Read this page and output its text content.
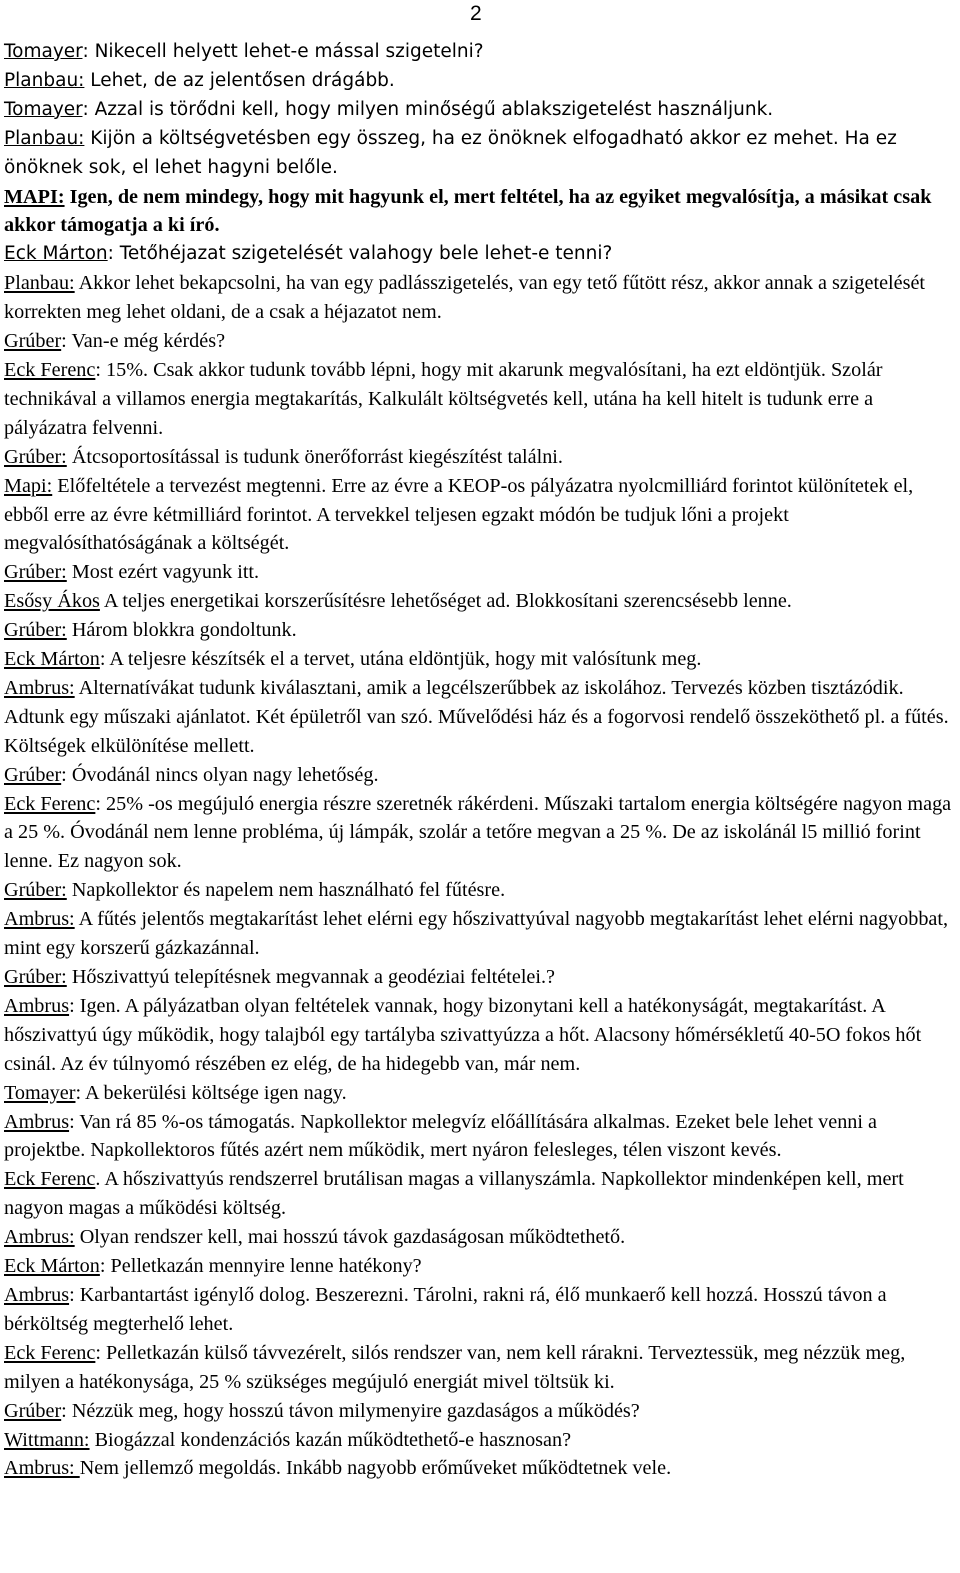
2

Tomayer: Nikecell helyett lehet-e mással szigetelni?

Planbau: Lehet, de az jelentősen drágább.

Tomayer: Azzal is törődni kell, hogy milyen minőségű ablakszigetelést használjunk.

Planbau: Kijön a költségvetésben egy összeg, ha ez önöknek elfogadható akkor ez mehet. Ha ez önöknek sok, el lehet hagyni belőle.

MAPI: Igen, de nem mindegy, hogy mit hagyunk el, mert feltétel, ha az egyiket megvalósítja, a másikat csak akkor támogatja a ki író.

Eck Márton: Tetőhéjazat szigetelését valahogy bele lehet-e tenni?

Planbau: Akkor lehet bekapcsolni, ha van egy padlásszigetelés, van egy tető fűtött rész, akkor annak a szigetelését korrekten meg lehet oldani, de a csak a héjazatot nem.

Grúber: Van-e még kérdés?

Eck Ferenc: 15%. Csak akkor tudunk tovább lépni, hogy mit akarunk megvalósítani, ha ezt eldöntjük. Szolár technikával a villamos energia megtakarítás, Kalkulált költségvetés kell, utána ha kell hitelt is tudunk erre a pályázatra felvenni.

Grúber: Átcsoportosítással is tudunk önerőforrást kiegészítést találni.

Mapi: Előfeltétele a tervezést megtenni. Erre az évre a KEOP-os pályázatra nyolcmilliárd forintot különítetek el, ebből erre az évre kétmilliárd forintot. A tervekkel teljesen egzakt módón be tudjuk lőni a projekt megvalósíthatóságának a költségét.

Grúber: Most ezért vagyunk itt.

Esősy Ákos A teljes energetikai korszerűsítésre lehetőséget ad. Blokkosítani szerencsésebb lenne.

Grúber: Három blokkra gondoltunk.

Eck Márton: A teljesre készítsék el a tervet, utána eldöntjük, hogy mit valósítunk meg.

Ambrus: Alternatívákat tudunk kiválasztani, amik a legcélszerűbbek az iskolához. Tervezés közben tisztázódik. Adtunk egy műszaki ajánlatot. Két épületről van szó. Művelődési ház és a fogorvosi rendelő összeköthető pl. a fűtés. Költségek elkülönítése mellett.

Grúber: Óvodánál nincs olyan nagy lehetőség.

Eck Ferenc: 25% -os megújuló energia részre szeretnék rákérdeni. Műszaki tartalom energia költségére nagyon maga a 25 %. Óvodánál nem lenne probléma, új lámpák, szolár a tetőre megvan a 25 %. De az iskolánál l5 millió forint lenne. Ez nagyon sok.

Grúber: Napkollektor és napelem nem használható fel fűtésre.

Ambrus: A fűtés jelentős megtakarítást lehet elérni egy hőszivattyúval nagyobb megtakarítást lehet elérni nagyobbat, mint egy korszerű gázkazánnal.

Grúber: Hőszivattyú telepítésnek megvannak a geodéziai feltételei.?

Ambrus: Igen. A pályázatban olyan feltételek vannak, hogy bizonytani kell a hatékonyságát, megtakarítást. A hőszivattyú úgy működik, hogy talajból egy tartályba szivattyúzza a hőt. Alacsony hőmérsékletű 40-5O fokos hőt csinál. Az év túlnyomó részében ez elég, de ha hidegebb van, már nem.

Tomayer: A bekerülési költsége igen nagy.

Ambrus: Van rá 85 %-os támogatás. Napkollektor melegvíz előállítására alkalmas. Ezeket bele lehet venni a projektbe. Napkollektoros fűtés azért nem működik, mert nyáron felesleges, télen viszont kevés.

Eck Ferenc. A hőszivattyús rendszerrel brutálisan magas a villanyszámla. Napkollektor mindenképen kell, mert nagyon magas a működési költség.

Ambrus: Olyan rendszer kell, mai hosszú távok gazdaságosan működtethető.

Eck Márton: Pelletkazán mennyire lenne hatékony?

Ambrus: Karbantartást igénylő dolog. Beszerezni. Tárolni, rakni rá, élő munkaerő kell hozzá. Hosszú távon a bérköltség megterhelő lehet.

Eck Ferenc: Pelletkazán külső távvezérelt, silós rendszer van, nem kell rárakni. Terveztessük, meg nézzük meg, milyen a hatékonysága, 25 % szükséges megújuló energiát mivel töltsük ki.

Grúber: Nézzük meg, hogy hosszú távon milymenyire gazdaságos a működés?

Wittmann: Biogázzal kondenzációs kazán működtethető-e hasznosan?

Ambrus: Nem jellemző megoldás. Inkább nagyobb erőműveket működtetnek vele.
